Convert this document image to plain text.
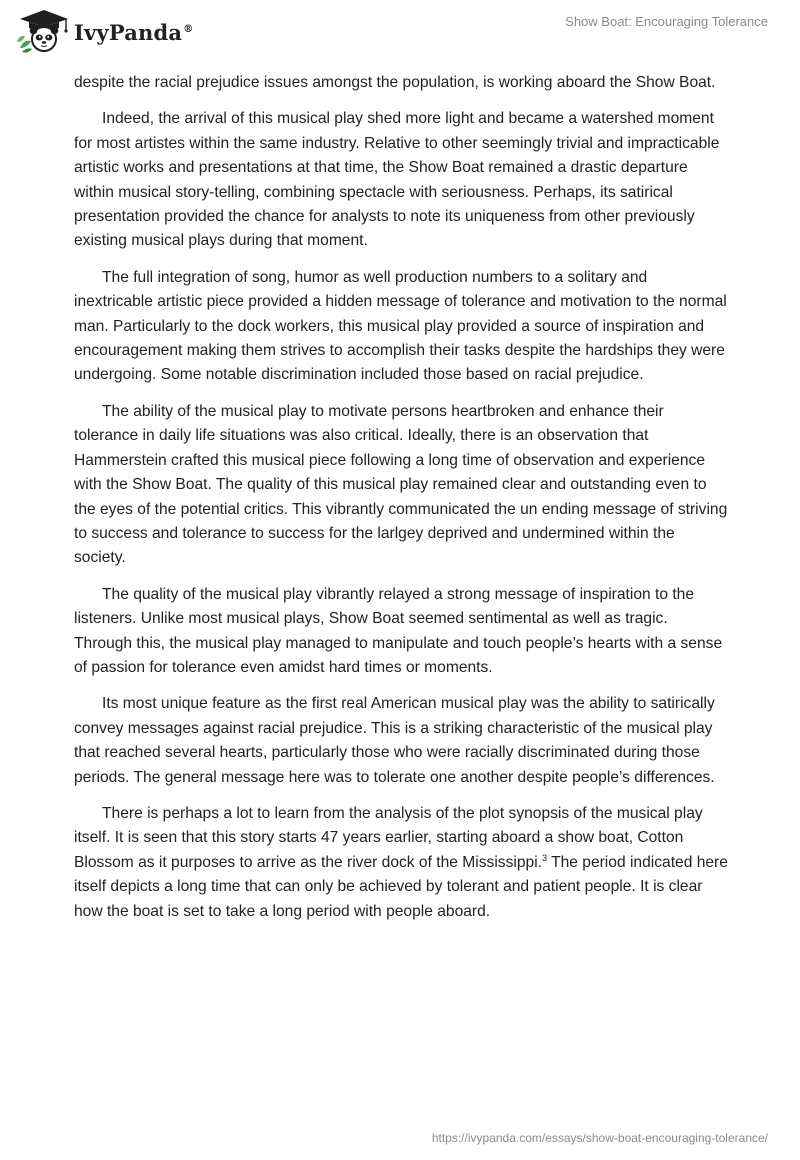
IvyPanda®	Show Boat: Encouraging Tolerance

despite the racial prejudice issues amongst the population, is working aboard the Show Boat.

Indeed, the arrival of this musical play shed more light and became a watershed moment for most artistes within the same industry. Relative to other seemingly trivial and impracticable artistic works and presentations at that time, the Show Boat remained a drastic departure within musical story-telling, combining spectacle with seriousness. Perhaps, its satirical presentation provided the chance for analysts to note its uniqueness from other previously existing musical plays during that moment.

The full integration of song, humor as well production numbers to a solitary and inextricable artistic piece provided a hidden message of tolerance and motivation to the normal man. Particularly to the dock workers, this musical play provided a source of inspiration and encouragement making them strives to accomplish their tasks despite the hardships they were undergoing. Some notable discrimination included those based on racial prejudice.

The ability of the musical play to motivate persons heartbroken and enhance their tolerance in daily life situations was also critical. Ideally, there is an observation that Hammerstein crafted this musical piece following a long time of observation and experience with the Show Boat. The quality of this musical play remained clear and outstanding even to the eyes of the potential critics. This vibrantly communicated the un ending message of striving to success and tolerance to success for the larlgey deprived and undermined within the society.

The quality of the musical play vibrantly relayed a strong message of inspiration to the listeners. Unlike most musical plays, Show Boat seemed sentimental as well as tragic. Through this, the musical play managed to manipulate and touch people’s hearts with a sense of passion for tolerance even amidst hard times or moments.

Its most unique feature as the first real American musical play was the ability to satirically convey messages against racial prejudice. This is a striking characteristic of the musical play that reached several hearts, particularly those who were racially discriminated during those periods. The general message here was to tolerate one another despite people’s differences.

There is perhaps a lot to learn from the analysis of the plot synopsis of the musical play itself. It is seen that this story starts 47 years earlier, starting aboard a show boat, Cotton Blossom as it purposes to arrive as the river dock of the Mississippi.$^3$ The period indicated here itself depicts a long time that can only be achieved by tolerant and patient people. It is clear how the boat is set to take a long period with people aboard.

https://ivypanda.com/essays/show-boat-encouraging-tolerance/
